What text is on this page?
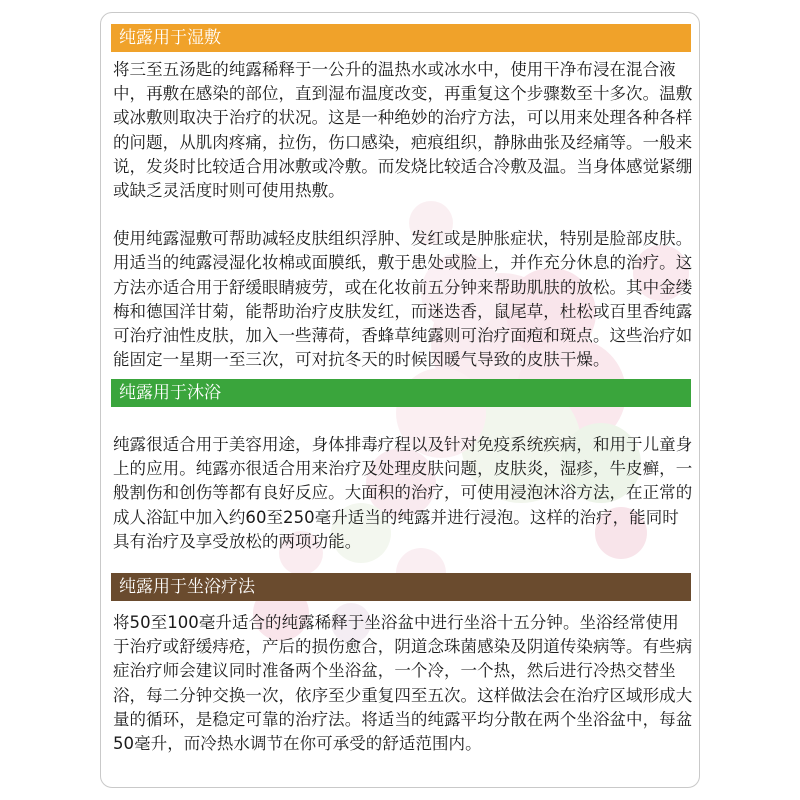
纯露用于湿敷

将三至五汤匙的纯露稀释于一公升的温热水或冰水中，使用干净布浸在混合液中，再敷在感染的部位，直到湿布温度改变，再重复这个步骤数至十多次。温敷或冰敷则取决于治疗的状况。这是一种绝妙的治疗方法，可以用来处理各种各样的问题，从肌肉疼痛，拉伤，伤口感染，疤痕组织，静脉曲张及经痛等。一般来说，发炎时比较适合用冰敷或冷敷。而发烧比较适合冷敷及温。当身体感觉紧绷或缺乏灵活度时则可使用热敷。

使用纯露湿敷可帮助减轻皮肤组织浮肿、发红或是肿胀症状，特别是脸部皮肤。用适当的纯露浸湿化妆棉或面膜纸，敷于患处或脸上，并作充分休息的治疗。这方法亦适合用于舒缓眼睛疲劳，或在化妆前五分钟来帮助肌肤的放松。其中金缕梅和德国洋甘菊，能帮助治疗皮肤发红，而迷迭香，鼠尾草，杜松或百里香纯露可治疗油性皮肤，加入一些薄荷，香蜂草纯露则可治疗面疱和斑点。这些治疗如能固定一星期一至三次，可对抗冬天的时候因暖气导致的皮肤干燥。

纯露用于沐浴

纯露很适合用于美容用途，身体排毒疗程以及针对免疫系统疾病，和用于儿童身上的应用。纯露亦很适合用来治疗及处理皮肤问题，皮肤炎，湿疹，牛皮癣，一般割伤和创伤等都有良好反应。大面积的治疗，可使用浸泡沐浴方法，在正常的成人浴缸中加入约60至250毫升适当的纯露并进行浸泡。这样的治疗，能同时具有治疗及享受放松的两项功能。

纯露用于坐浴疗法

将50至100毫升适合的纯露稀释于坐浴盆中进行坐浴十五分钟。坐浴经常使用于治疗或舒缓痔疮，产后的损伤愈合，阴道念珠菌感染及阴道传染病等。有些病症治疗师会建议同时准备两个坐浴盆，一个冷，一个热，然后进行冷热交替坐浴，每二分钟交换一次，依序至少重复四至五次。这样做法会在治疗区域形成大量的循环，是稳定可靠的治疗法。将适当的纯露平均分散在两个坐浴盆中，每盆50毫升，而冷热水调节在你可承受的舒适范围内。
